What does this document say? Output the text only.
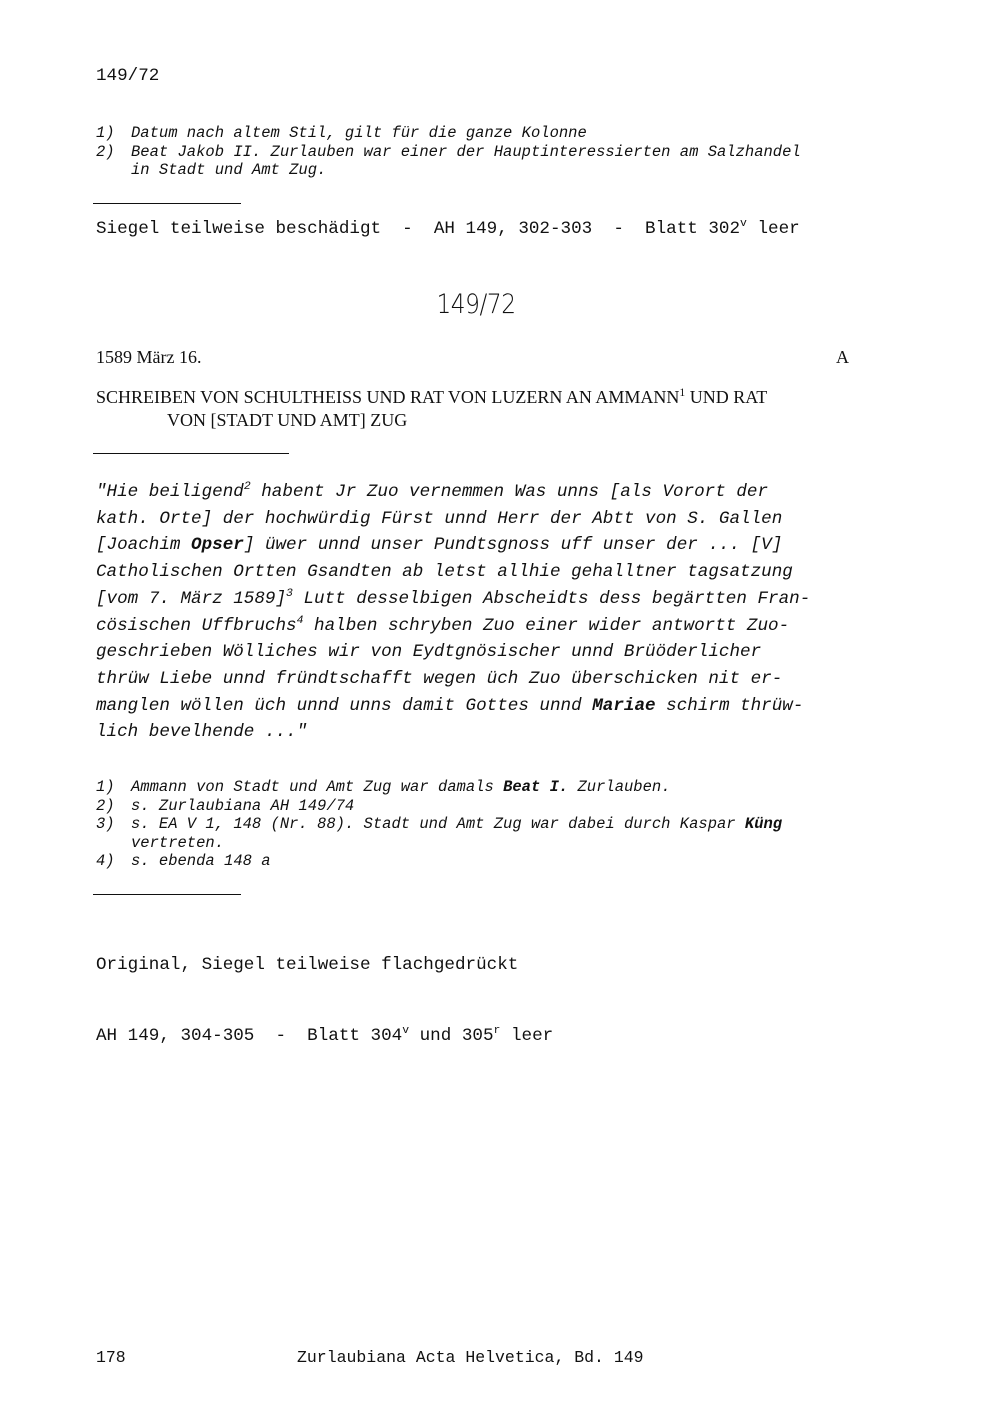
149/72
1) Datum nach altem Stil, gilt für die ganze Kolonne
2) Beat Jakob II. Zurlauben war einer der Hauptinteressierten am Salzhandel
in Stadt und Amt Zug.
Siegel teilweise beschädigt  -  AH 149, 302-303  -  Blatt 302$^v$ leer
149/72
1589 März 16.	A
SCHREIBEN VON SCHULTHEISS UND RAT VON LUZERN AN AMMANN$^1$ UND RAT
VON [STADT UND AMT] ZUG
"Hie beiligend$^2$ habent Jr Zuo vernemmen Was unns [als Vorort der
kath. Orte] der hochwürdig Fürst unnd Herr der Abtt von S. Gallen
[Joachim Opser] üwer unnd unser Pundtsgnoss uff unser der ... [V]
Catholischen Ortten Gsandten ab letst allhie gehalltner tagsatzung
[vom 7. März 1589]$^3$ Lutt desselbigen Abscheidts dess begärtten Fran-
cösischen Uffbruchs$^4$ halben schryben Zuo einer wider antwortt Zuo-
geschrieben Wölliches wir von Eydtgnösischer unnd Brüöderlicher
thrüw Liebe unnd fründtschafft wegen üch Zuo überschicken nit er-
manglen wöllen üch unnd unns damit Gottes unnd Mariae schirm thrüw-
lich bevelhende ..."
1) Ammann von Stadt und Amt Zug war damals Beat I. Zurlauben.
2) s. Zurlaubiana AH 149/74
3) s. EA V 1, 148 (Nr. 88). Stadt und Amt Zug war dabei durch Kaspar Küng
vertreten.
4) s. ebenda 148 a

Original, Siegel teilweise flachgedrückt

AH 149, 304-305  -  Blatt 304$^v$ und 305$^r$ leer

178	Zurlaubiana Acta Helvetica, Bd. 149
